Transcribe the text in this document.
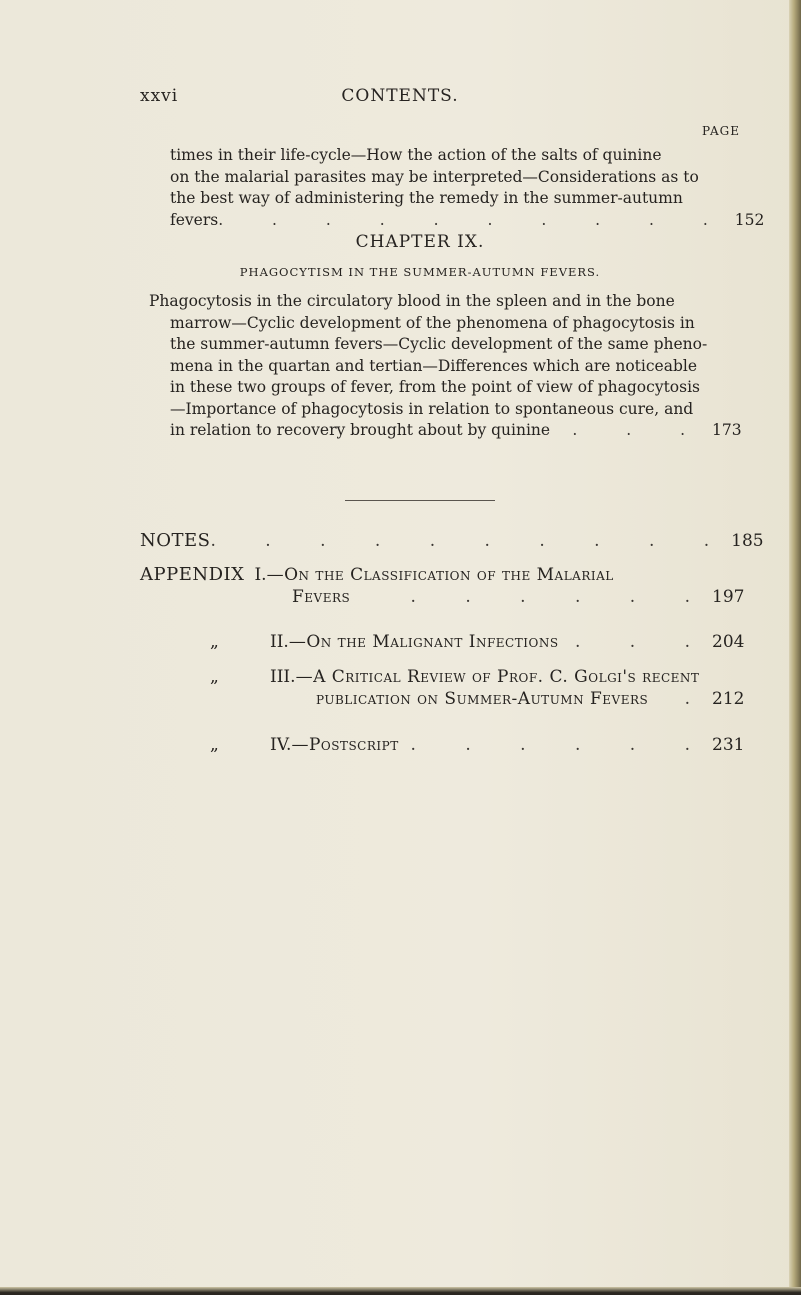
xxvi	CONTENTS.
PAGE
times in their life-cycle—How the action of the salts of quinine
on the malarial parasites may be interpreted—Considerations as to
the best way of administering the remedy in the summer-autumn
fevers . . . . . . . . . . 152
CHAPTER IX.
PHAGOCYTISM IN THE SUMMER-AUTUMN FEVERS.
Phagocytosis in the circulatory blood in the spleen and in the bone
marrow—Cyclic development of the phenomena of phagocytosis in
the summer-autumn fevers—Cyclic development of the same pheno-
mena in the quartan and tertian—Differences which are noticeable
in these two groups of fever, from the point of view of phagocytosis
—Importance of phagocytosis in relation to spontaneous cure, and
in relation to recovery brought about by quinine . . . 173
NOTES . . . . . . . . . . 185
APPENDIX I. —On the Classification of the Malarial
Fevers	. . . . . . 197
„	II. —On the Malignant Infections . . . 204
„	III. —A Critical Review of Prof. C. Golgi's recent
publication on Summer-Autumn Fevers . 212
„	IV. —Postscript . . . . . . 231
